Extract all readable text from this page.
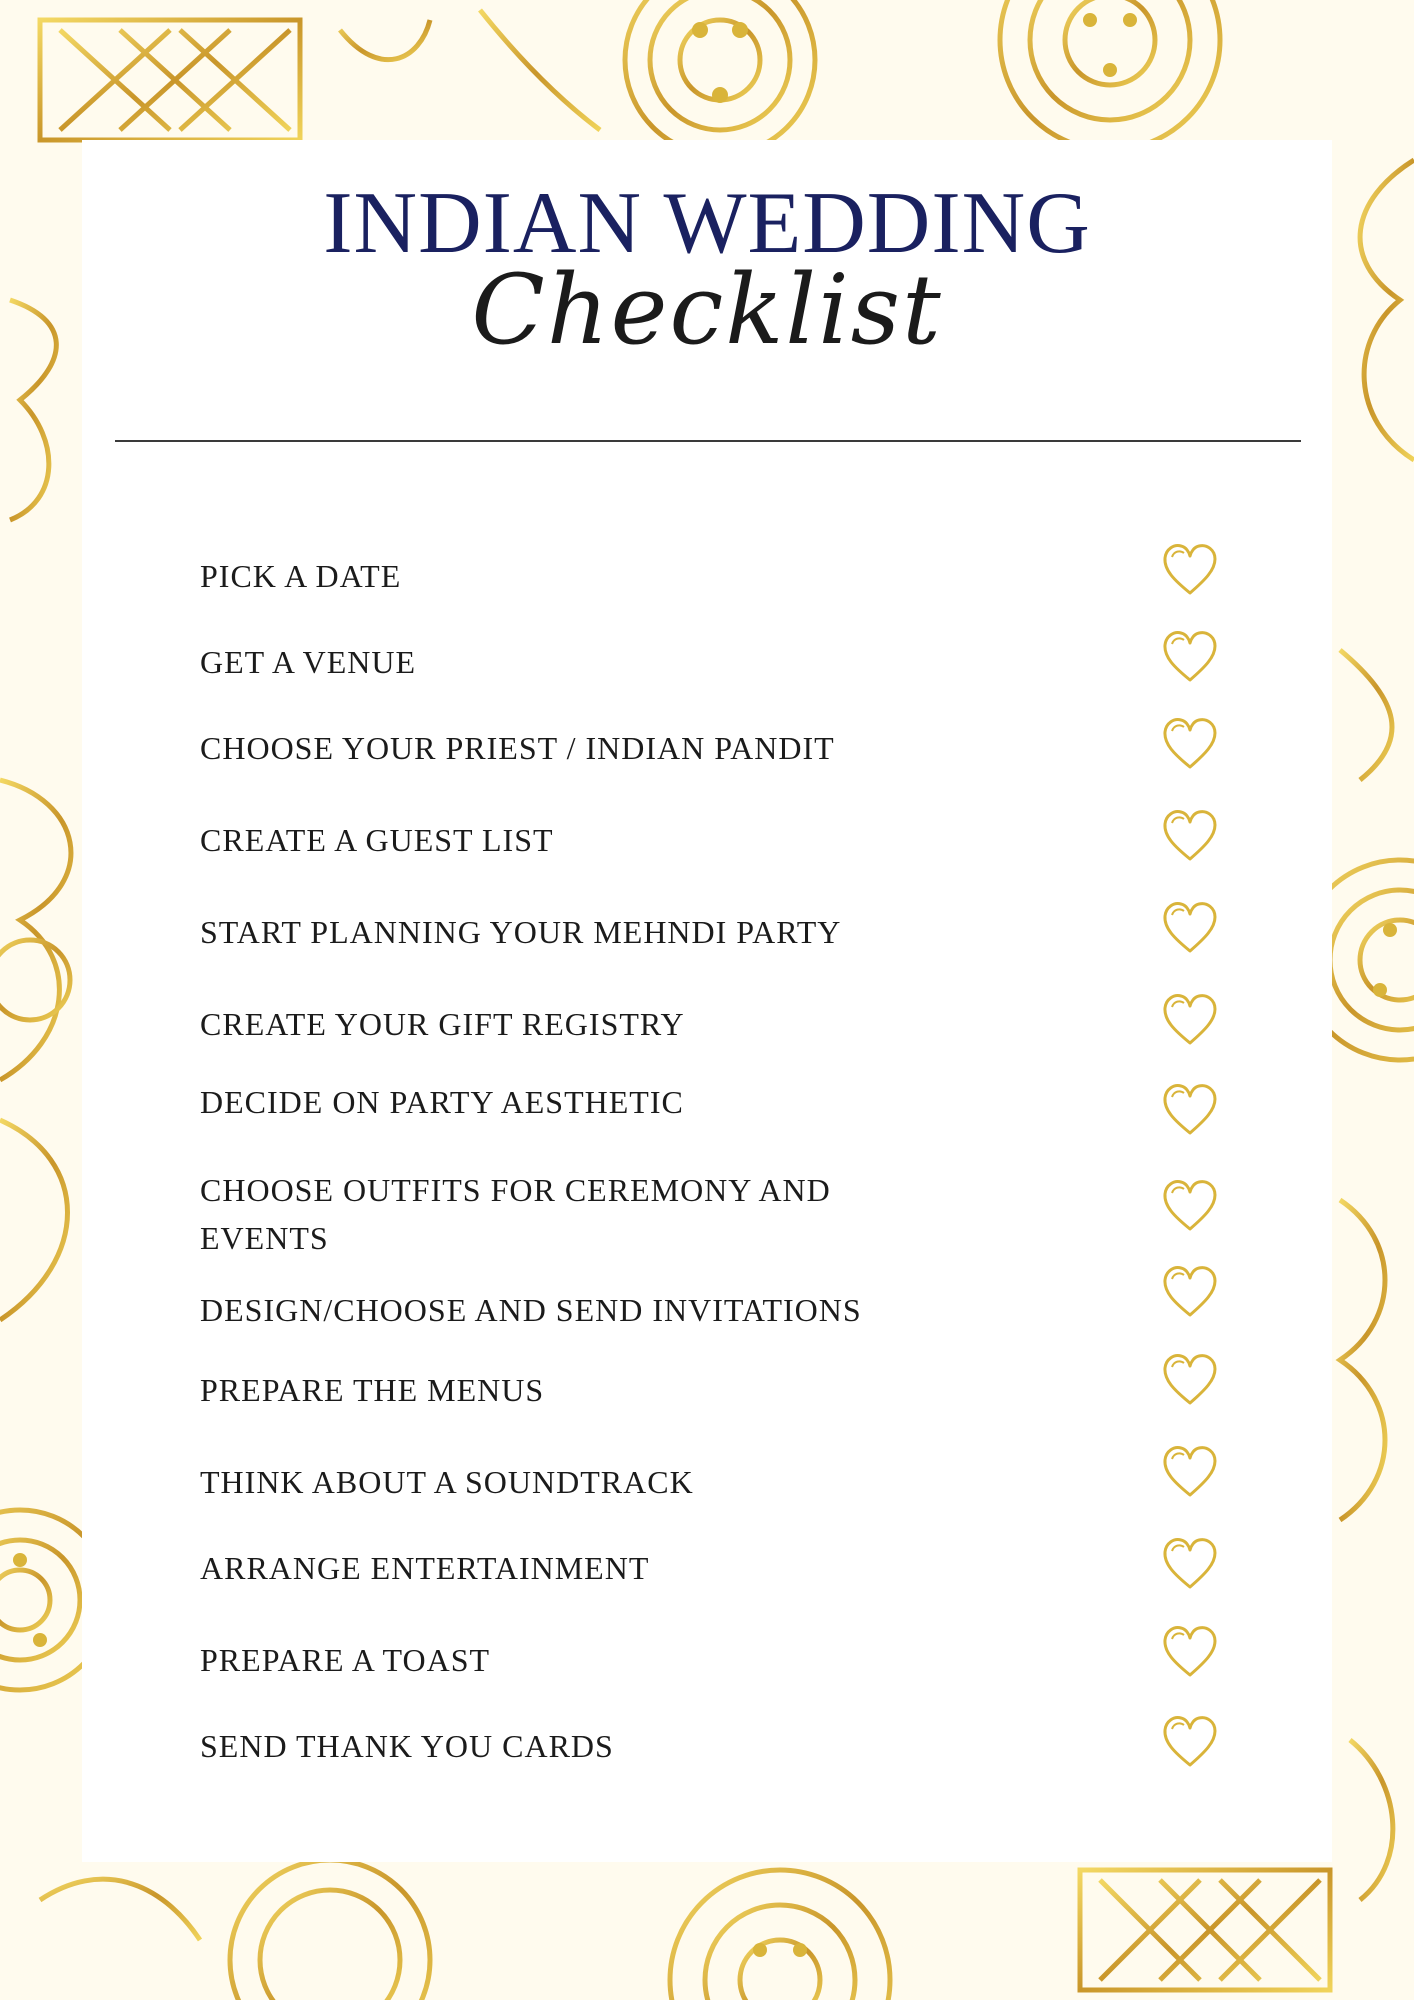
INDIAN WEDDING
Checklist
PICK A DATE
GET A VENUE
CHOOSE YOUR PRIEST / INDIAN PANDIT
CREATE A GUEST LIST
START PLANNING YOUR MEHNDI PARTY
CREATE YOUR GIFT REGISTRY
DECIDE ON PARTY AESTHETIC
CHOOSE OUTFITS FOR CEREMONY AND EVENTS
DESIGN/CHOOSE AND SEND INVITATIONS
PREPARE THE MENUS
THINK ABOUT A SOUNDTRACK
ARRANGE ENTERTAINMENT
PREPARE A TOAST
SEND THANK YOU CARDS
